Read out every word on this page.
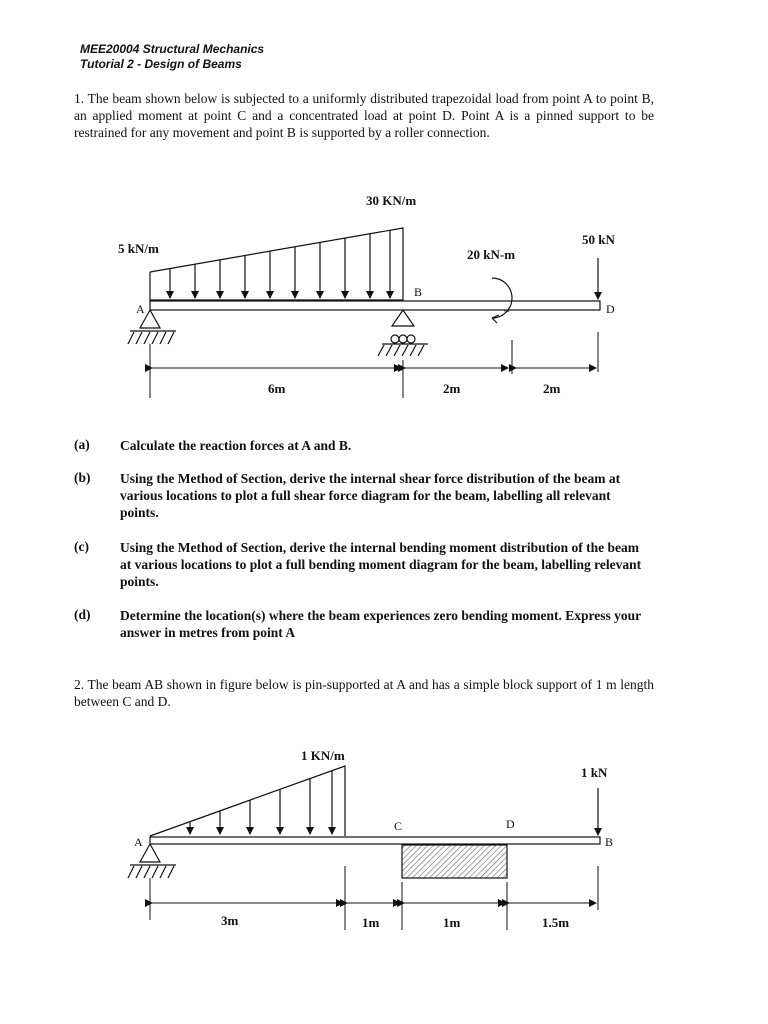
MEE20004 Structural Mechanics
Tutorial 2 - Design of Beams
1. The beam shown below is subjected to a uniformly distributed trapezoidal load from point A to point B, an applied moment at point C and a concentrated load at point D. Point A is a pinned support to be restrained for any movement and point B is supported by a roller connection.
30 KN/m
5 kN/m	20 kN-m
50 kN
A
B
D
6m	2m	2m
(a) Calculate the reaction forces at A and B.
(b) Using the Method of Section, derive the internal shear force distribution of the beam at various locations to plot a full shear force diagram for the beam, labelling all relevant points.
(c) Using the Method of Section, derive the internal bending moment distribution of the beam at various locations to plot a full bending moment diagram for the beam, labelling relevant points.
(d) Determine the location(s) where the beam experiences zero bending moment. Express your answer in metres from point A
2. The beam AB shown in figure below is pin-supported at A and has a simple block support of 1 m length between C and D.
1 KN/m
1 kN
A	B
C	D
3m	1m	1m	1.5m
